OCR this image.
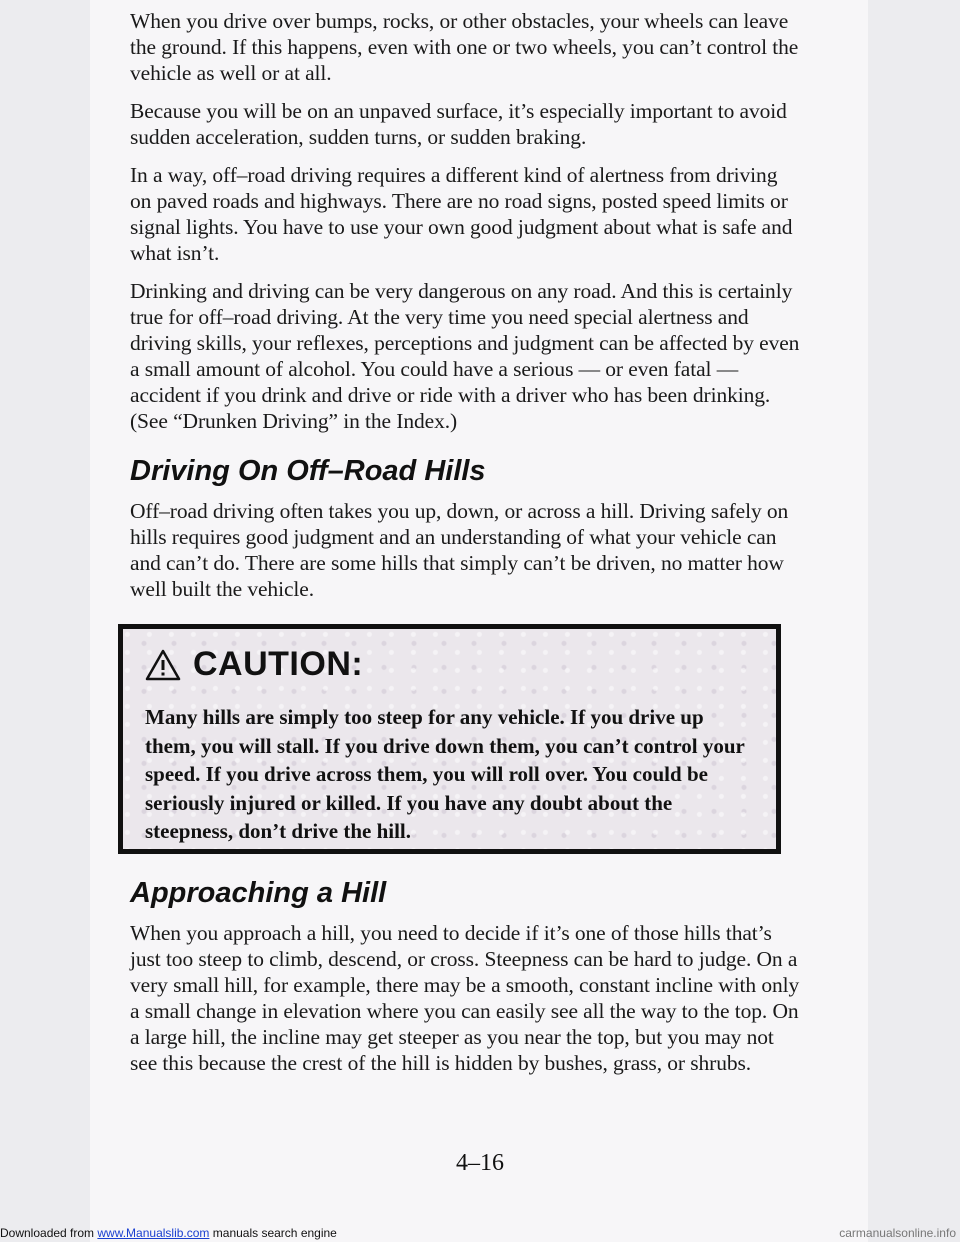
When you drive over bumps, rocks, or other obstacles, your wheels can leave the ground. If this happens, even with one or two wheels, you can’t control the vehicle as well or at all.

Because you will be on an unpaved surface, it’s especially important to avoid sudden acceleration, sudden turns, or sudden braking.

In a way, off–road driving requires a different kind of alertness from driving on paved roads and highways. There are no road signs, posted speed limits or signal lights. You have to use your own good judgment about what is safe and what isn’t.

Drinking and driving can be very dangerous on any road. And this is certainly true for off–road driving. At the very time you need special alertness and driving skills, your reflexes, perceptions and judgment can be affected by even a small amount of alcohol. You could have a serious — or even fatal — accident if you drink and drive or ride with a driver who has been drinking. (See “Drunken Driving” in the Index.)

Driving On Off–Road Hills

Off–road driving often takes you up, down, or across a hill. Driving safely on hills requires good judgment and an understanding of what your vehicle can and can’t do. There are some hills that simply can’t be driven, no matter how well built the vehicle.

CAUTION:

Many hills are simply too steep for any vehicle. If you drive up them, you will stall. If you drive down them, you can’t control your speed. If you drive across them, you will roll over. You could be seriously injured or killed. If you have any doubt about the steepness, don’t drive the hill.

Approaching a Hill

When you approach a hill, you need to decide if it’s one of those hills that’s just too steep to climb, descend, or cross. Steepness can be hard to judge. On a very small hill, for example, there may be a smooth, constant incline with only a small change in elevation where you can easily see all the way to the top. On a large hill, the incline may get steeper as you near the top, but you may not see this because the crest of the hill is hidden by bushes, grass, or shrubs.

4–16
Downloaded from www.Manualslib.com manuals search engine	carmanualsonline.info
